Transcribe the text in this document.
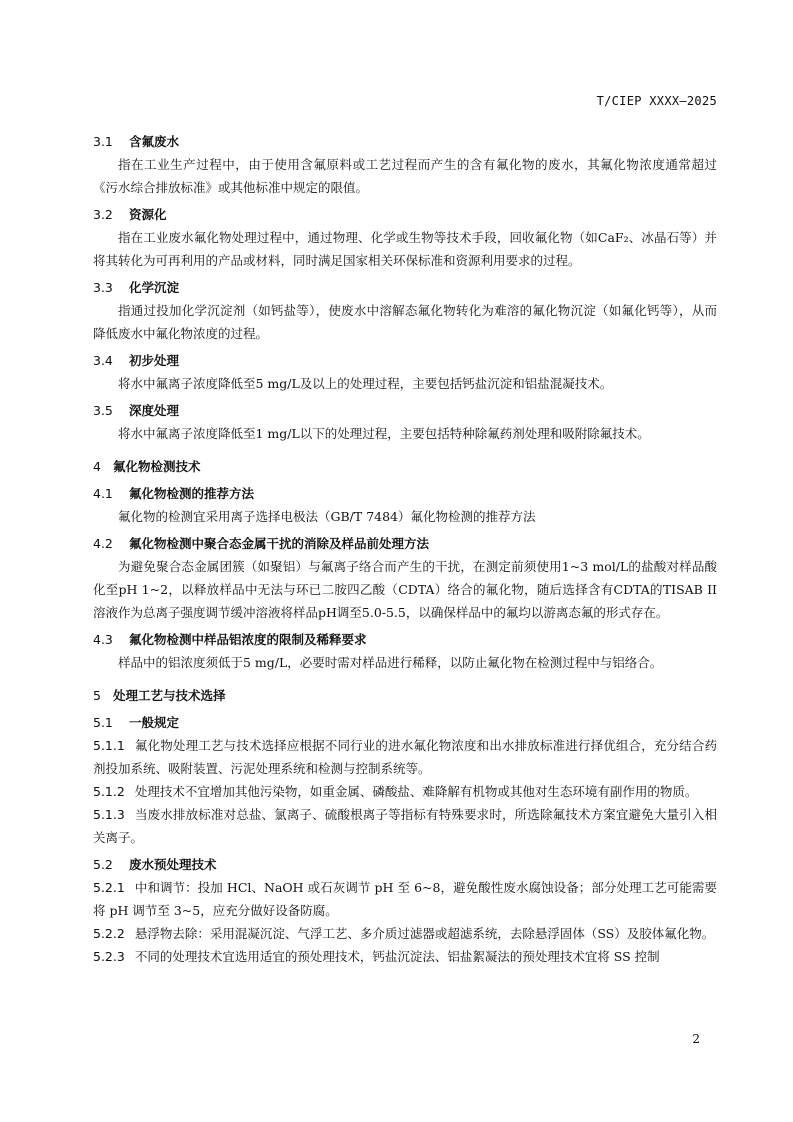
T/CIEP XXXX—2025
3.1 含氟废水

指在工业生产过程中，由于使用含氟原料或工艺过程而产生的含有氟化物的废水，其氟化物浓度通常超过《污水综合排放标准》或其他标准中规定的限值。

3.2 资源化

指在工业废水氟化物处理过程中，通过物理、化学或生物等技术手段，回收氟化物（如CaF₂、冰晶石等）并将其转化为可再利用的产品或材料，同时满足国家相关环保标准和资源利用要求的过程。

3.3 化学沉淀

指通过投加化学沉淀剂（如钙盐等），使废水中溶解态氟化物转化为难溶的氟化物沉淀（如氟化钙等），从而降低废水中氟化物浓度的过程。

3.4 初步处理

将水中氟离子浓度降低至5 mg/L及以上的处理过程，主要包括钙盐沉淀和铝盐混凝技术。

3.5 深度处理

将水中氟离子浓度降低至1 mg/L以下的处理过程，主要包括特种除氟药剂处理和吸附除氟技术。

4 氟化物检测技术
4.1 氟化物检测的推荐方法

氟化物的检测宜采用离子选择电极法（GB/T 7484）氟化物检测的推荐方法

4.2 氟化物检测中聚合态金属干扰的消除及样品前处理方法

为避免聚合态金属团簇（如聚铝）与氟离子络合而产生的干扰，在测定前须使用1~3 mol/L的盐酸对样品酸化至pH 1~2，以释放样品中无法与环已二胺四乙酸（CDTA）络合的氟化物，随后选择含有CDTA的TISAB II溶液作为总离子强度调节缓冲溶液将样品pH调至5.0-5.5，以确保样品中的氟均以游离态氟的形式存在。

4.3 氟化物检测中样品铝浓度的限制及稀释要求

样品中的铝浓度须低于5 mg/L，必要时需对样品进行稀释，以防止氟化物在检测过程中与铝络合。

5 处理工艺与技术选择
5.1 一般规定

5.1.1 氟化物处理工艺与技术选择应根据不同行业的进水氟化物浓度和出水排放标准进行择优组合，充分结合药剂投加系统、吸附装置、污泥处理系统和检测与控制系统等。

5.1.2 处理技术不宜增加其他污染物，如重金属、磷酸盐、难降解有机物或其他对生态环境有副作用的物质。

5.1.3 当废水排放标准对总盐、氯离子、硫酸根离子等指标有特殊要求时，所选除氟技术方案宜避免大量引入相关离子。

5.2 废水预处理技术

5.2.1 中和调节：投加 HCl、NaOH 或石灰调节 pH 至 6~8，避免酸性废水腐蚀设备；部分处理工艺可能需要将 pH 调节至 3~5，应充分做好设备防腐。

5.2.2 悬浮物去除：采用混凝沉淀、气浮工艺、多介质过滤器或超滤系统，去除悬浮固体（SS）及胶体氟化物。

5.2.3 不同的处理技术宜选用适宜的预处理技术，钙盐沉淀法、铝盐絮凝法的预处理技术宜将 SS 控制

2
